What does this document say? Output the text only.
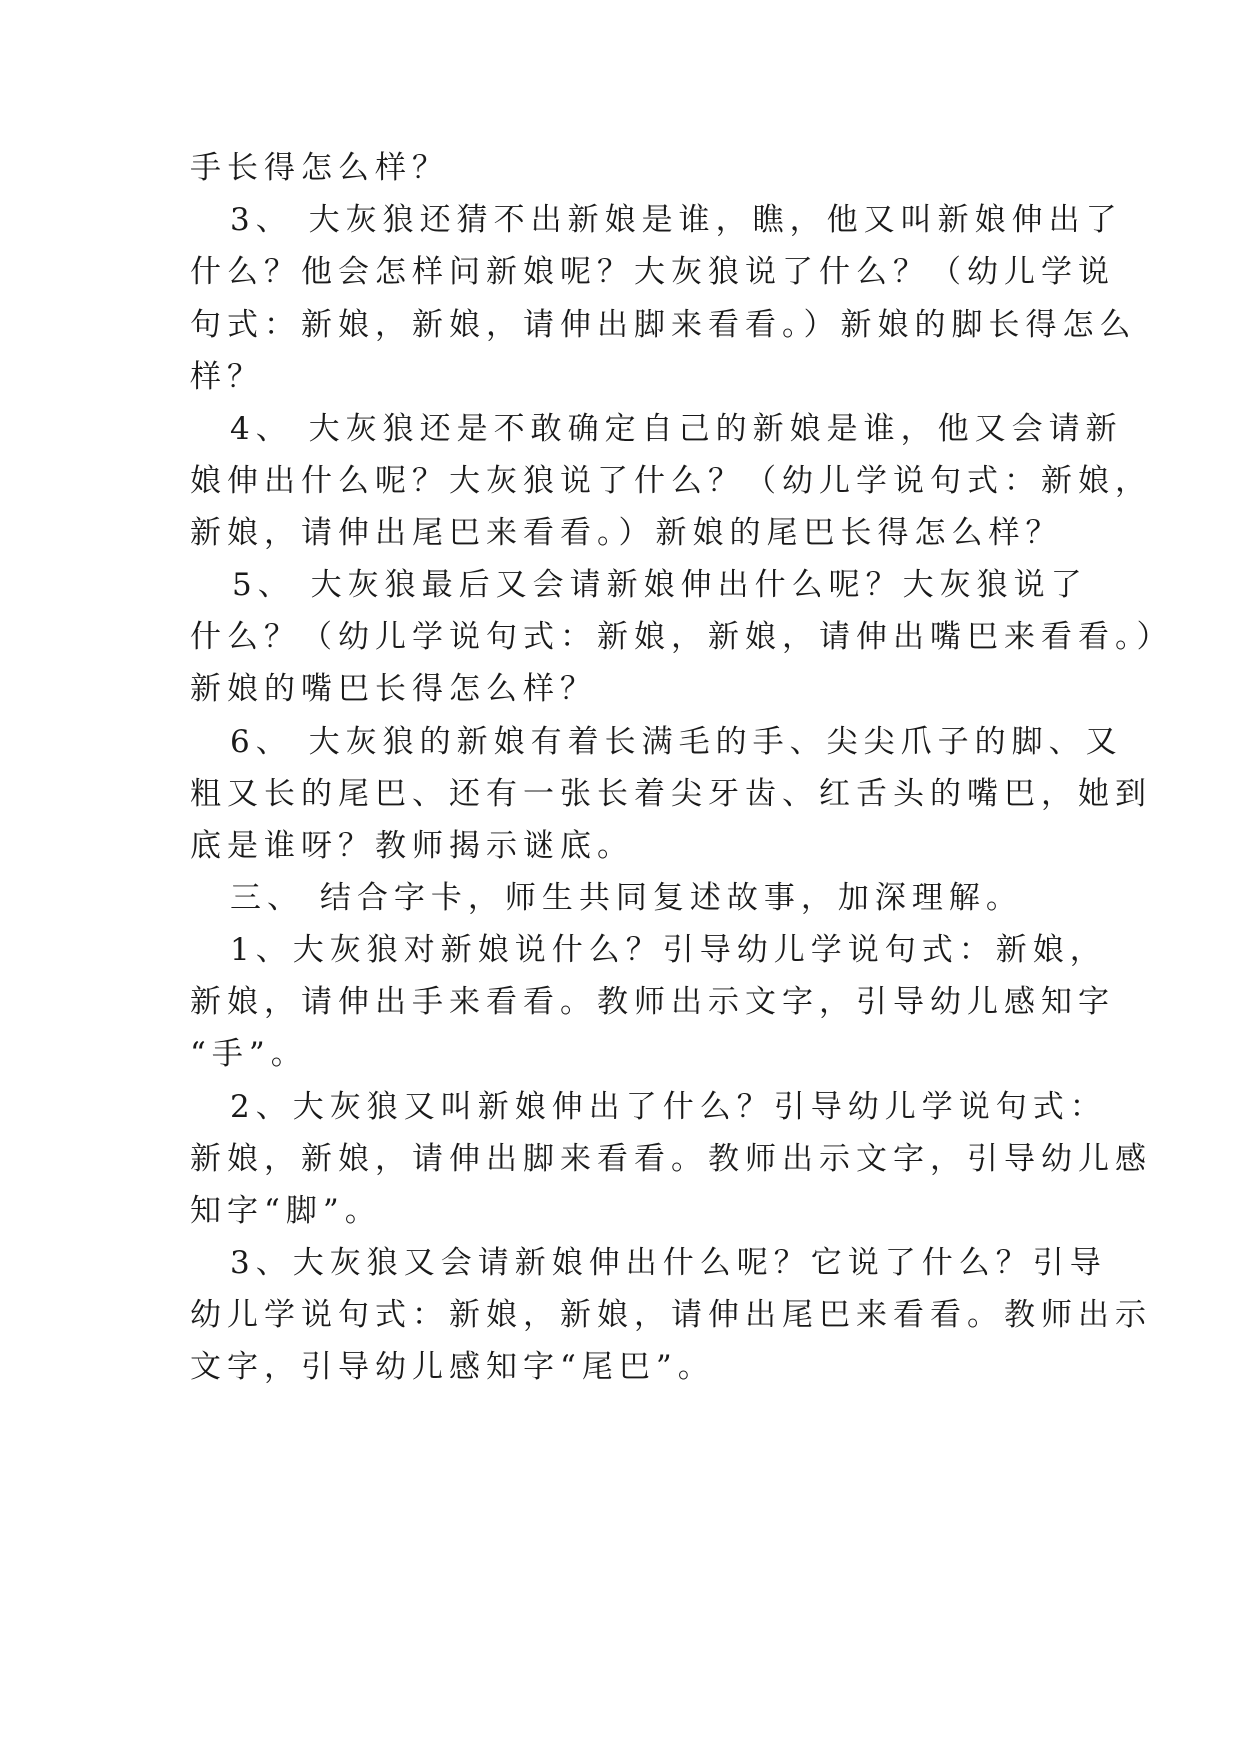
手长得怎么样？
3、 大灰狼还猜不出新娘是谁，瞧，他又叫新娘伸出了
什么？他会怎样问新娘呢？大灰狼说了什么？（幼儿学说
句式：新娘，新娘，请伸出脚来看看。）新娘的脚长得怎么
样？
4、 大灰狼还是不敢确定自己的新娘是谁，他又会请新
娘伸出什么呢？大灰狼说了什么？（幼儿学说句式：新娘，
新娘，请伸出尾巴来看看。）新娘的尾巴长得怎么样？
5、 大灰狼最后又会请新娘伸出什么呢？大灰狼说了
什么？（幼儿学说句式：新娘，新娘，请伸出嘴巴来看看。）
新娘的嘴巴长得怎么样？
6、 大灰狼的新娘有着长满毛的手、尖尖爪子的脚、又
粗又长的尾巴、还有一张长着尖牙齿、红舌头的嘴巴，她到
底是谁呀？教师揭示谜底。
三、 结合字卡，师生共同复述故事，加深理解。
1、大灰狼对新娘说什么？引导幼儿学说句式：新娘，
新娘，请伸出手来看看。教师出示文字，引导幼儿感知字
“手”。
2、大灰狼又叫新娘伸出了什么？引导幼儿学说句式：
新娘，新娘，请伸出脚来看看。教师出示文字，引导幼儿感
知字“脚”。
3、大灰狼又会请新娘伸出什么呢？它说了什么？引导
幼儿学说句式：新娘，新娘，请伸出尾巴来看看。教师出示
文字，引导幼儿感知字“尾巴”。
